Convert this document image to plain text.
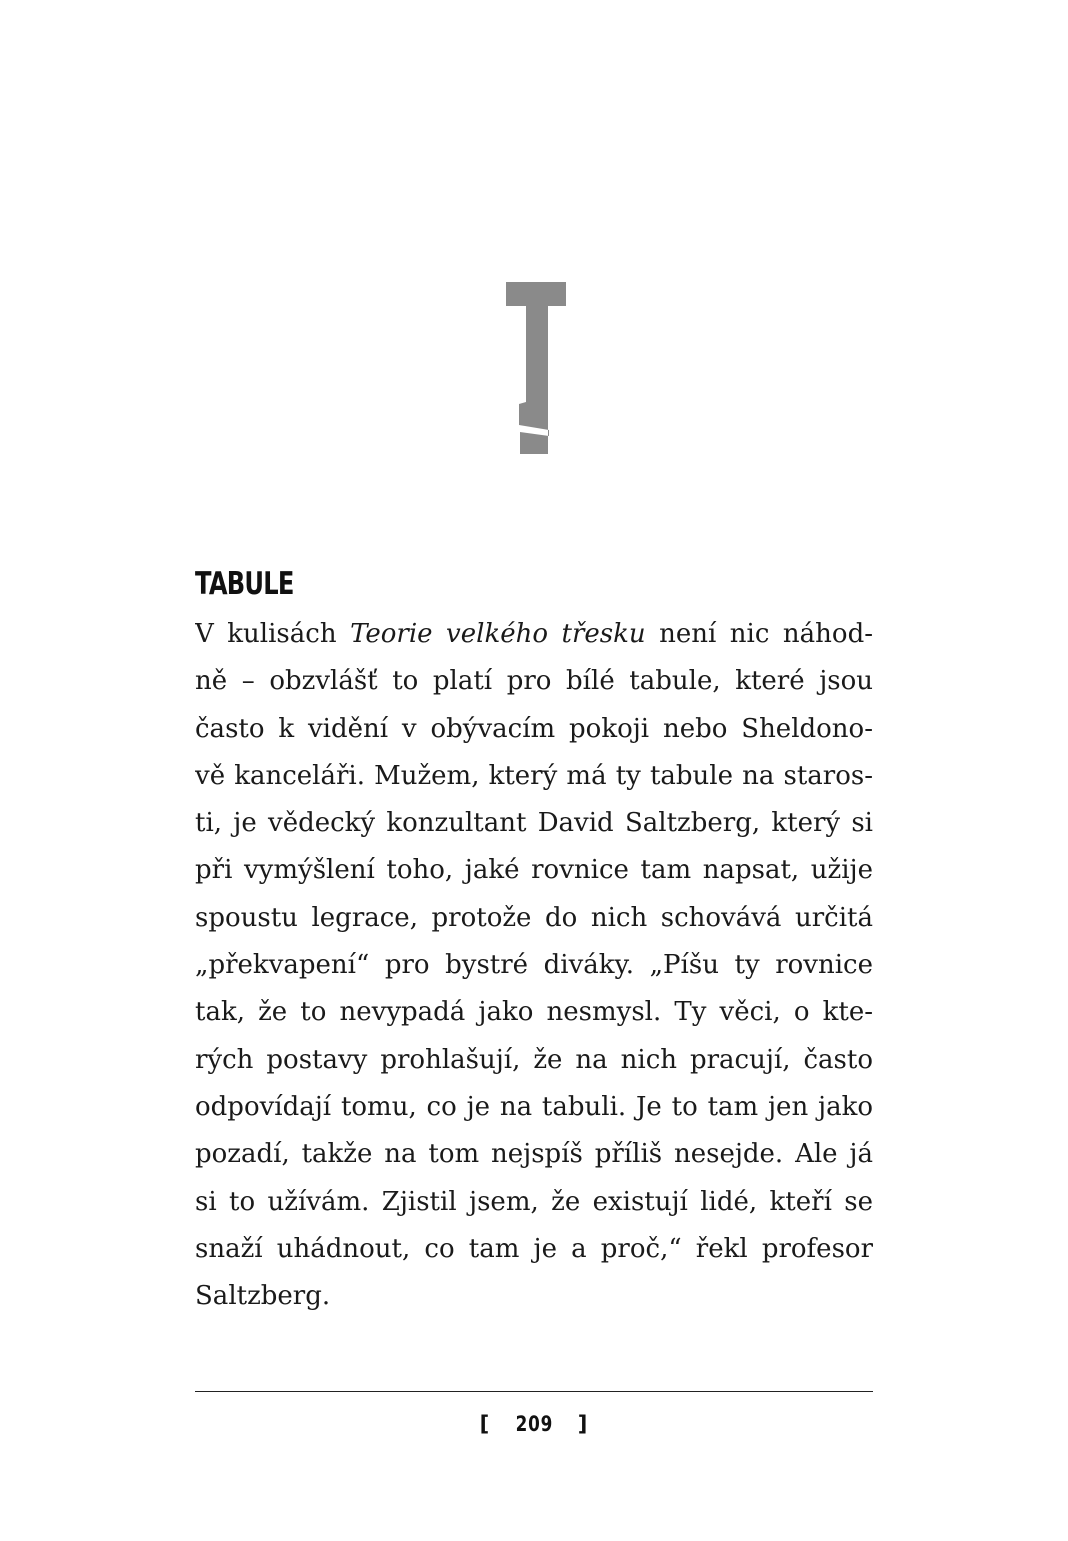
TABULE
V kulisách Teorie velkého třesku není nic náhod-
ně – obzvlášť to platí pro bílé tabule, které jsou
často k vidění v obývacím pokoji nebo Sheldono-
vě kanceláři. Mužem, který má ty tabule na staros-
ti, je vědecký konzultant David Saltzberg, který si
při vymýšlení toho, jaké rovnice tam napsat, užije
spoustu legrace, protože do nich schovává určitá
„překvapení“ pro bystré diváky. „Píšu ty rovnice
tak, že to nevypadá jako nesmysl. Ty věci, o kte-
rých postavy prohlašují, že na nich pracují, často
odpovídají tomu, co je na tabuli. Je to tam jen jako
pozadí, takže na tom nejspíš příliš nesejde. Ale já
si to užívám. Zjistil jsem, že existují lidé, kteří se
snaží uhádnout, co tam je a proč,“ řekl profesor
Saltzberg.
[ 209 ]
